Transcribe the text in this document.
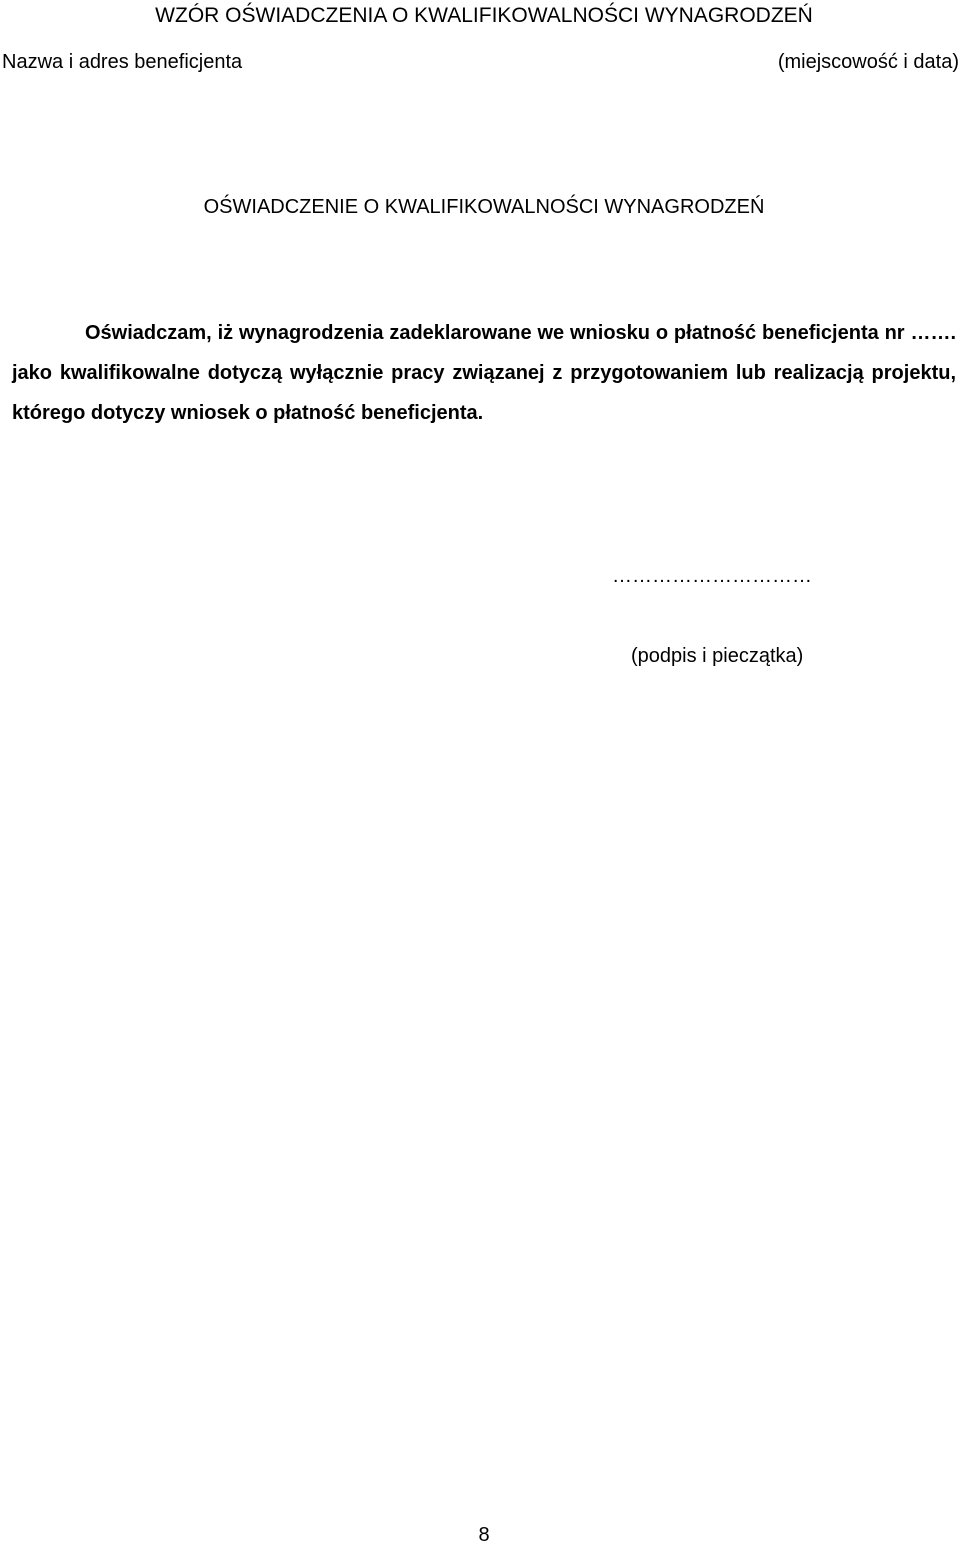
WZÓR OŚWIADCZENIA O KWALIFIKOWALNOŚCI WYNAGRODZEŃ
Nazwa i adres beneficjenta	(miejscowość i data)
OŚWIADCZENIE O KWALIFIKOWALNOŚCI WYNAGRODZEŃ
Oświadczam, iż wynagrodzenia zadeklarowane we wniosku o płatność beneficjenta nr ……. jako kwalifikowalne dotyczą wyłącznie pracy związanej z przygotowaniem lub realizacją projektu, którego dotyczy wniosek o płatność beneficjenta.
…………………………
(podpis i pieczątka)
8
